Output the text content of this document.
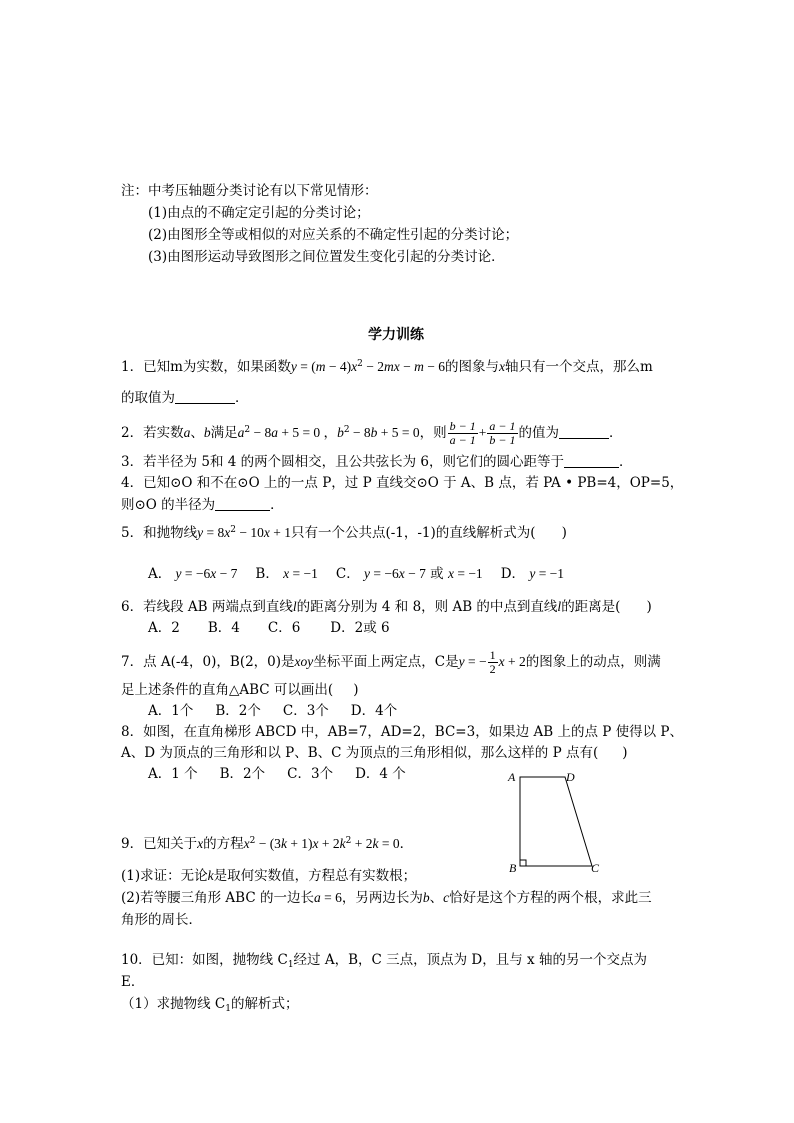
注：中考压轴题分类讨论有以下常见情形：
(1)由点的不确定定引起的分类讨论；
(2)由图形全等或相似的对应关系的不确定性引起的分类讨论；
(3)由图形运动导致图形之间位置发生变化引起的分类讨论．
学力训练
1．已知m为实数，如果函数$y = (m - 4)x^2 - 2mx - m - 6$的图象与x轴只有一个交点，那么m
的取值为	．
2．若实数a、b满足$a^2 - 8a + 5 = 0$ ，$b^2 - 8b + 5 = 0$，则 $\frac{b - 1}{a - 1} + \frac{a - 1}{b - 1}$ 的值为	．
3．若半径为 5和 4 的两个圆相交，且公共弦长为 6，则它们的圆心距等于	．
4．已知⊙O 和不在⊙O 上的一点 P，过 P 直线交⊙O 于 A、B 点，若 PA • PB=4，OP=5，
则⊙O 的半径为	．
5．和抛物线$y = 8x^2 - 10x + 1$只有一个公共点(-1，-1)的直线解析式为( )
A． y = −6x − 7 B． x = −1 C． y = −6x − 7 或 x = −1 D． y = −1
6．若线段 AB 两端点到直线l的距离分别为 4 和 8，则 AB 的中点到直线l的距离是( )
A．2 B．4 C．6 D．2或 6
7．点 A(-4，0)，B(2，0)是xoy坐标平面上两定点，C是y = − $\frac{1}{2}$ x + 2的图象上的动点，则满
足上述条件的直角△ABC 可以画出( )
A．1个 B．2个 C．3个 D．4个
8．如图，在直角梯形 ABCD 中，AB=7，AD=2，BC=3，如果边 AB 上的点 P 使得以 P、
A、D 为顶点的三角形和以 P、B、C 为顶点的三角形相似，那么这样的 P 点有( )
A．1 个 B．2个 C．3个 D．4 个	A	D
B	C
9．已知关于x的方程$x^2 - (3k + 1)x + 2k^2 + 2k = 0$．
(1)求证：无论k是取何实数值，方程总有实数根；
(2)若等腰三角形 ABC 的一边长a = 6，另两边长为b、c恰好是这个方程的两个根，求此三
角形的周长．
10．已知：如图，抛物线 $C_1$经过 A，B，C 三点，顶点为 D，且与 x 轴的另一个交点为
E．
（1）求抛物线 $C_1$的解析式；
